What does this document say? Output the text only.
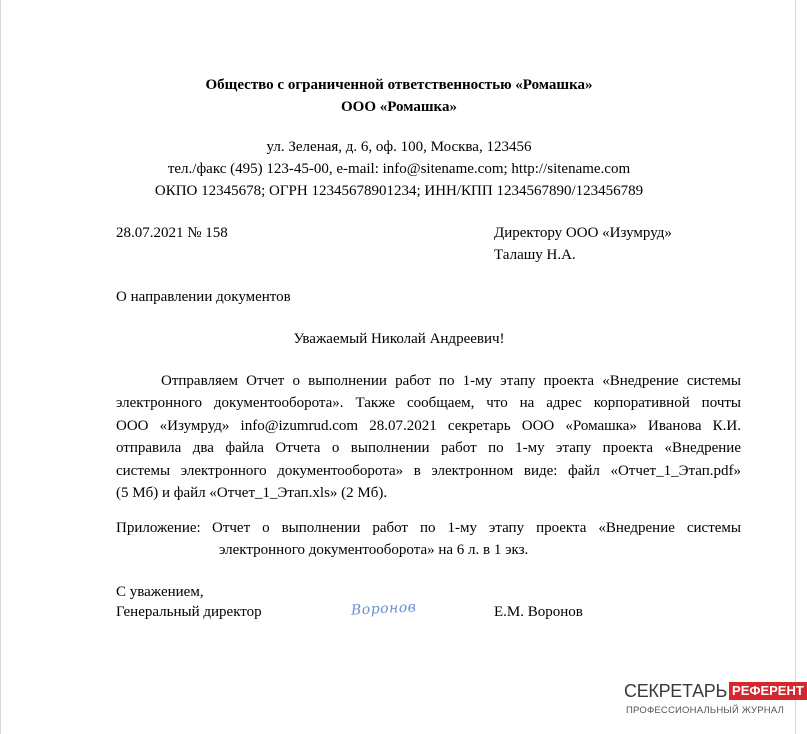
Общество с ограниченной ответственностью «Ромашка»
ООО «Ромашка»
ул. Зеленая, д. 6, оф. 100, Москва, 123456
тел./факс (495) 123-45-00, e-mail: info@sitename.com; http://sitename.com
ОКПО 12345678; ОГРН 12345678901234; ИНН/КПП 1234567890/123456789
28.07.2021 № 158	Директору ООО «Изумруд»
Талашу Н.А.
О направлении документов
Уважаемый Николай Андреевич!
Отправляем Отчет о выполнении работ по 1-му этапу проекта «Внедрение системы
электронного документооборота». Также сообщаем, что на адрес корпоративной почты
ООО «Изумруд» info@izumrud.com 28.07.2021 секретарь ООО «Ромашка» Иванова К.И.
отправила два файла Отчета о выполнении работ по 1-му этапу проекта «Внедрение
системы электронного документооборота» в электронном виде: файл «Отчет_1_Этап.pdf»
(5 Мб) и файл «Отчет_1_Этап.xls» (2 Мб).
Приложение: Отчет о выполнении работ по 1-му этапу проекта «Внедрение системы
электронного документооборота» на 6 л. в 1 экз.
С уважением,
Генеральный директор	Воронов	Е.М. Воронов
СЕКРЕТАРЬ РЕФЕРЕНТ
ПРОФЕССИОНАЛЬНЫЙ ЖУРНАЛ
